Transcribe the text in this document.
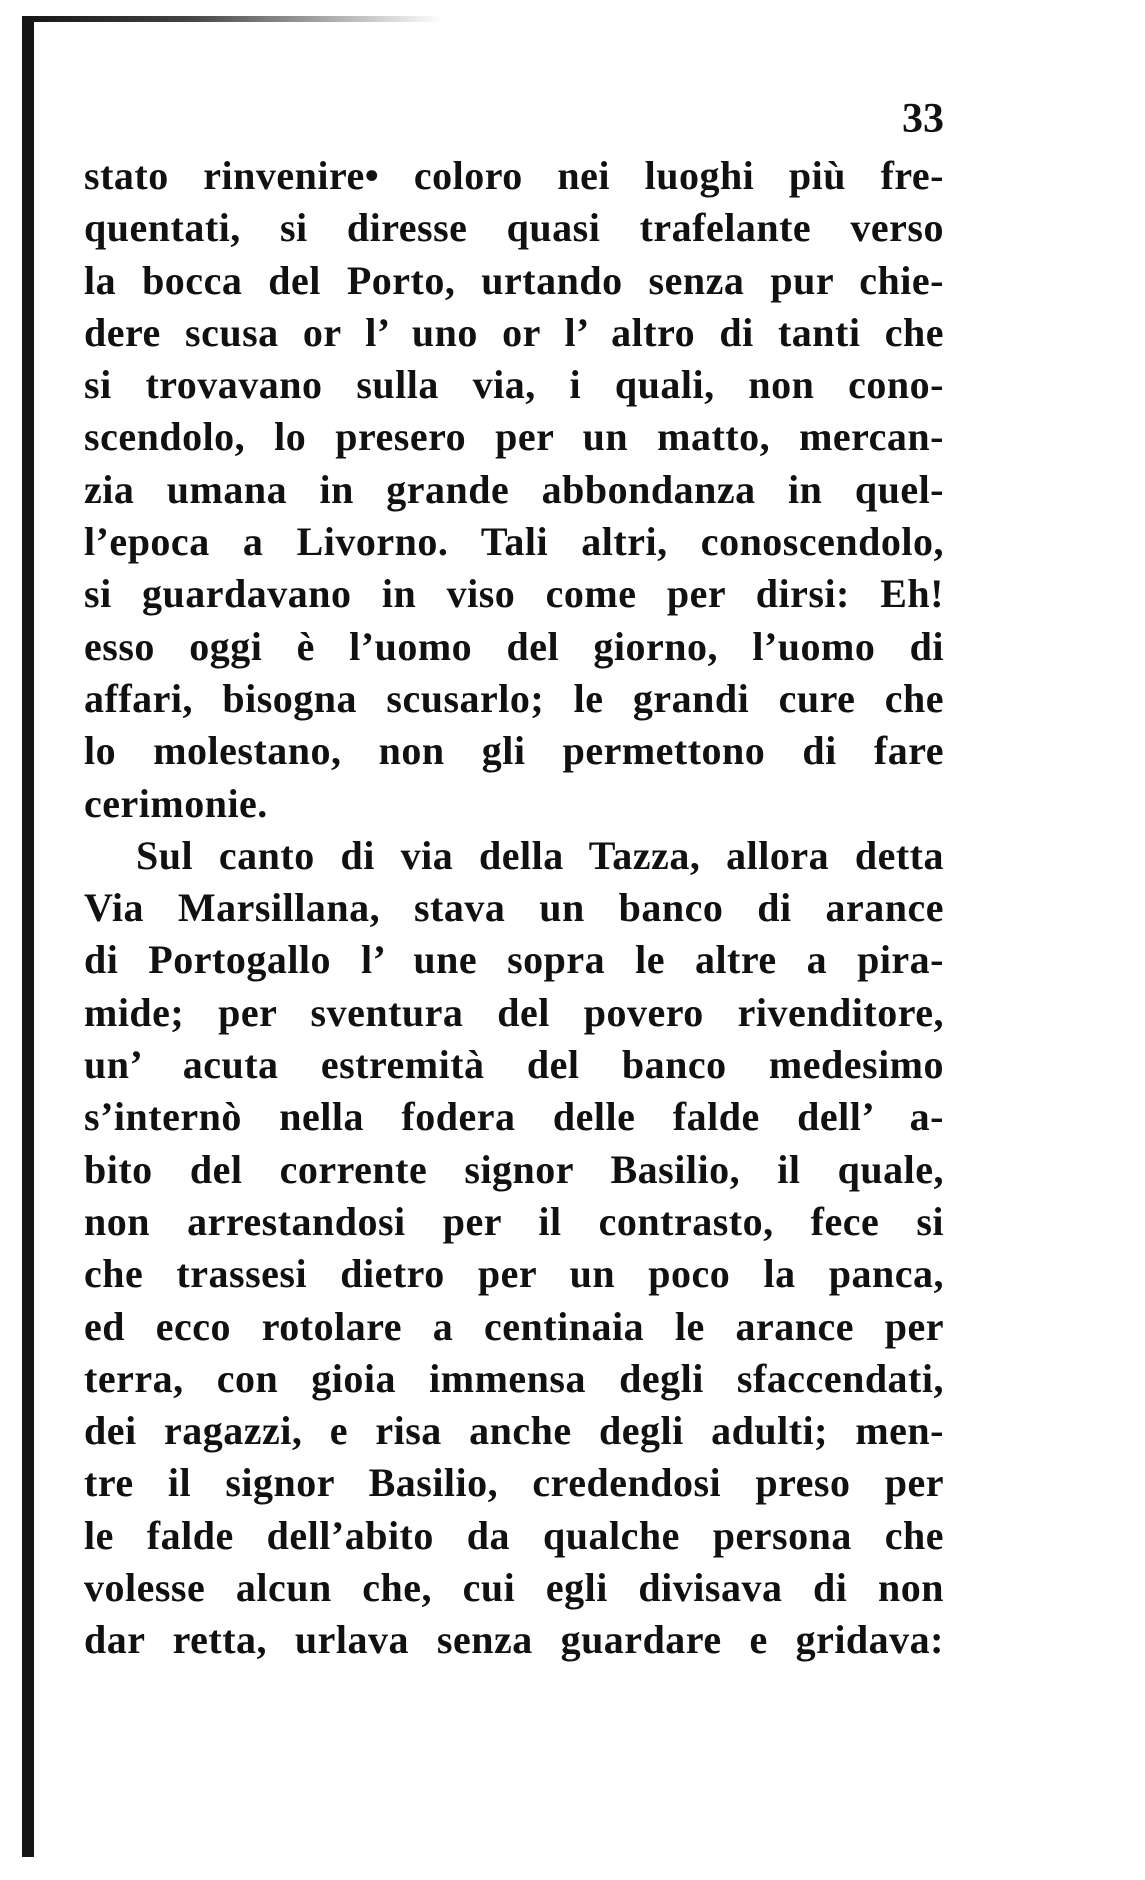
33
stato rinvenire• coloro nei luoghi più fre-
quentati, si diresse quasi trafelante verso
la bocca del Porto, urtando senza pur chie-
dere scusa or l’ uno or l’ altro di tanti che
si trovavano sulla via, i quali, non cono-
scendolo, lo presero per un matto, mercan-
zia umana in grande abbondanza in quel-
l’epoca a Livorno. Tali altri, conoscendolo,
si guardavano in viso come per dirsi: Eh!
esso oggi è l’uomo del giorno, l’uomo di
affari, bisogna scusarlo; le grandi cure che
lo molestano, non gli permettono di fare
cerimonie.
Sul canto di via della Tazza, allora detta
Via Marsillana, stava un banco di arance
di Portogallo l’ une sopra le altre a pira-
mide; per sventura del povero rivenditore,
un’ acuta estremità del banco medesimo
s’internò nella fodera delle falde dell’ a-
bito del corrente signor Basilio, il quale,
non arrestandosi per il contrasto, fece si
che trassesi dietro per un poco la panca,
ed ecco rotolare a centinaia le arance per
terra, con gioia immensa degli sfaccendati,
dei ragazzi, e risa anche degli adulti; men-
tre il signor Basilio, credendosi preso per
le falde dell’abito da qualche persona che
volesse alcun che, cui egli divisava di non
dar retta, urlava senza guardare e gridava:
